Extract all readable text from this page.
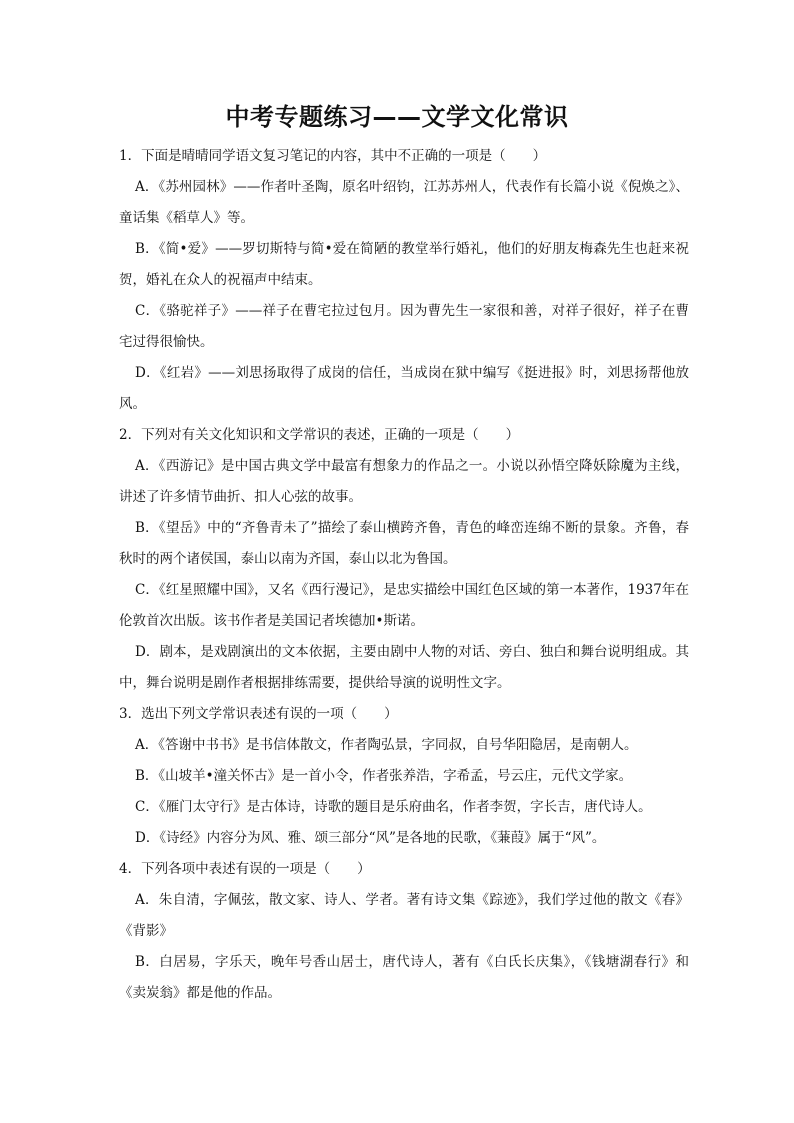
中考专题练习——文学文化常识

1．下面是晴晴同学语文复习笔记的内容，其中不正确的一项是（　　）

A．《苏州园林》——作者叶圣陶，原名叶绍钧，江苏苏州人，代表作有长篇小说《倪焕之》、童话集《稻草人》等。

B．《简•爱》——罗切斯特与简•爱在简陋的教堂举行婚礼，他们的好朋友梅森先生也赶来祝贺，婚礼在众人的祝福声中结束。

C．《骆驼祥子》——祥子在曹宅拉过包月。因为曹先生一家很和善，对祥子很好，祥子在曹宅过得很愉快。

D．《红岩》——刘思扬取得了成岗的信任，当成岗在狱中编写《挺进报》时，刘思扬帮他放风。

2．下列对有关文化知识和文学常识的表述，正确的一项是（　　）

A．《西游记》是中国古典文学中最富有想象力的作品之一。小说以孙悟空降妖除魔为主线，讲述了许多情节曲折、扣人心弦的故事。

B．《望岳》中的“齐鲁青未了”描绘了泰山横跨齐鲁，青色的峰峦连绵不断的景象。齐鲁，春秋时的两个诸侯国，泰山以南为齐国，泰山以北为鲁国。

C．《红星照耀中国》，又名《西行漫记》，是忠实描绘中国红色区域的第一本著作，1937年在伦敦首次出版。该书作者是美国记者埃德加•斯诺。

D．剧本，是戏剧演出的文本依据，主要由剧中人物的对话、旁白、独白和舞台说明组成。其中，舞台说明是剧作者根据排练需要，提供给导演的说明性文字。

3．选出下列文学常识表述有误的一项（　　）

A．《答谢中书书》是书信体散文，作者陶弘景，字同叔，自号华阳隐居，是南朝人。

B．《山坡羊•潼关怀古》是一首小令，作者张养浩，字希孟，号云庄，元代文学家。

C．《雁门太守行》是古体诗，诗歌的题目是乐府曲名，作者李贺，字长吉，唐代诗人。

D．《诗经》内容分为风、雅、颂三部分“风”是各地的民歌，《蒹葭》属于“风”。

4．下列各项中表述有误的一项是（　　）

A．朱自清，字佩弦，散文家、诗人、学者。著有诗文集《踪迹》，我们学过他的散文《春》《背影》

B．白居易，字乐天，晚年号香山居士，唐代诗人，著有《白氏长庆集》，《钱塘湖春行》和《卖炭翁》都是他的作品。
